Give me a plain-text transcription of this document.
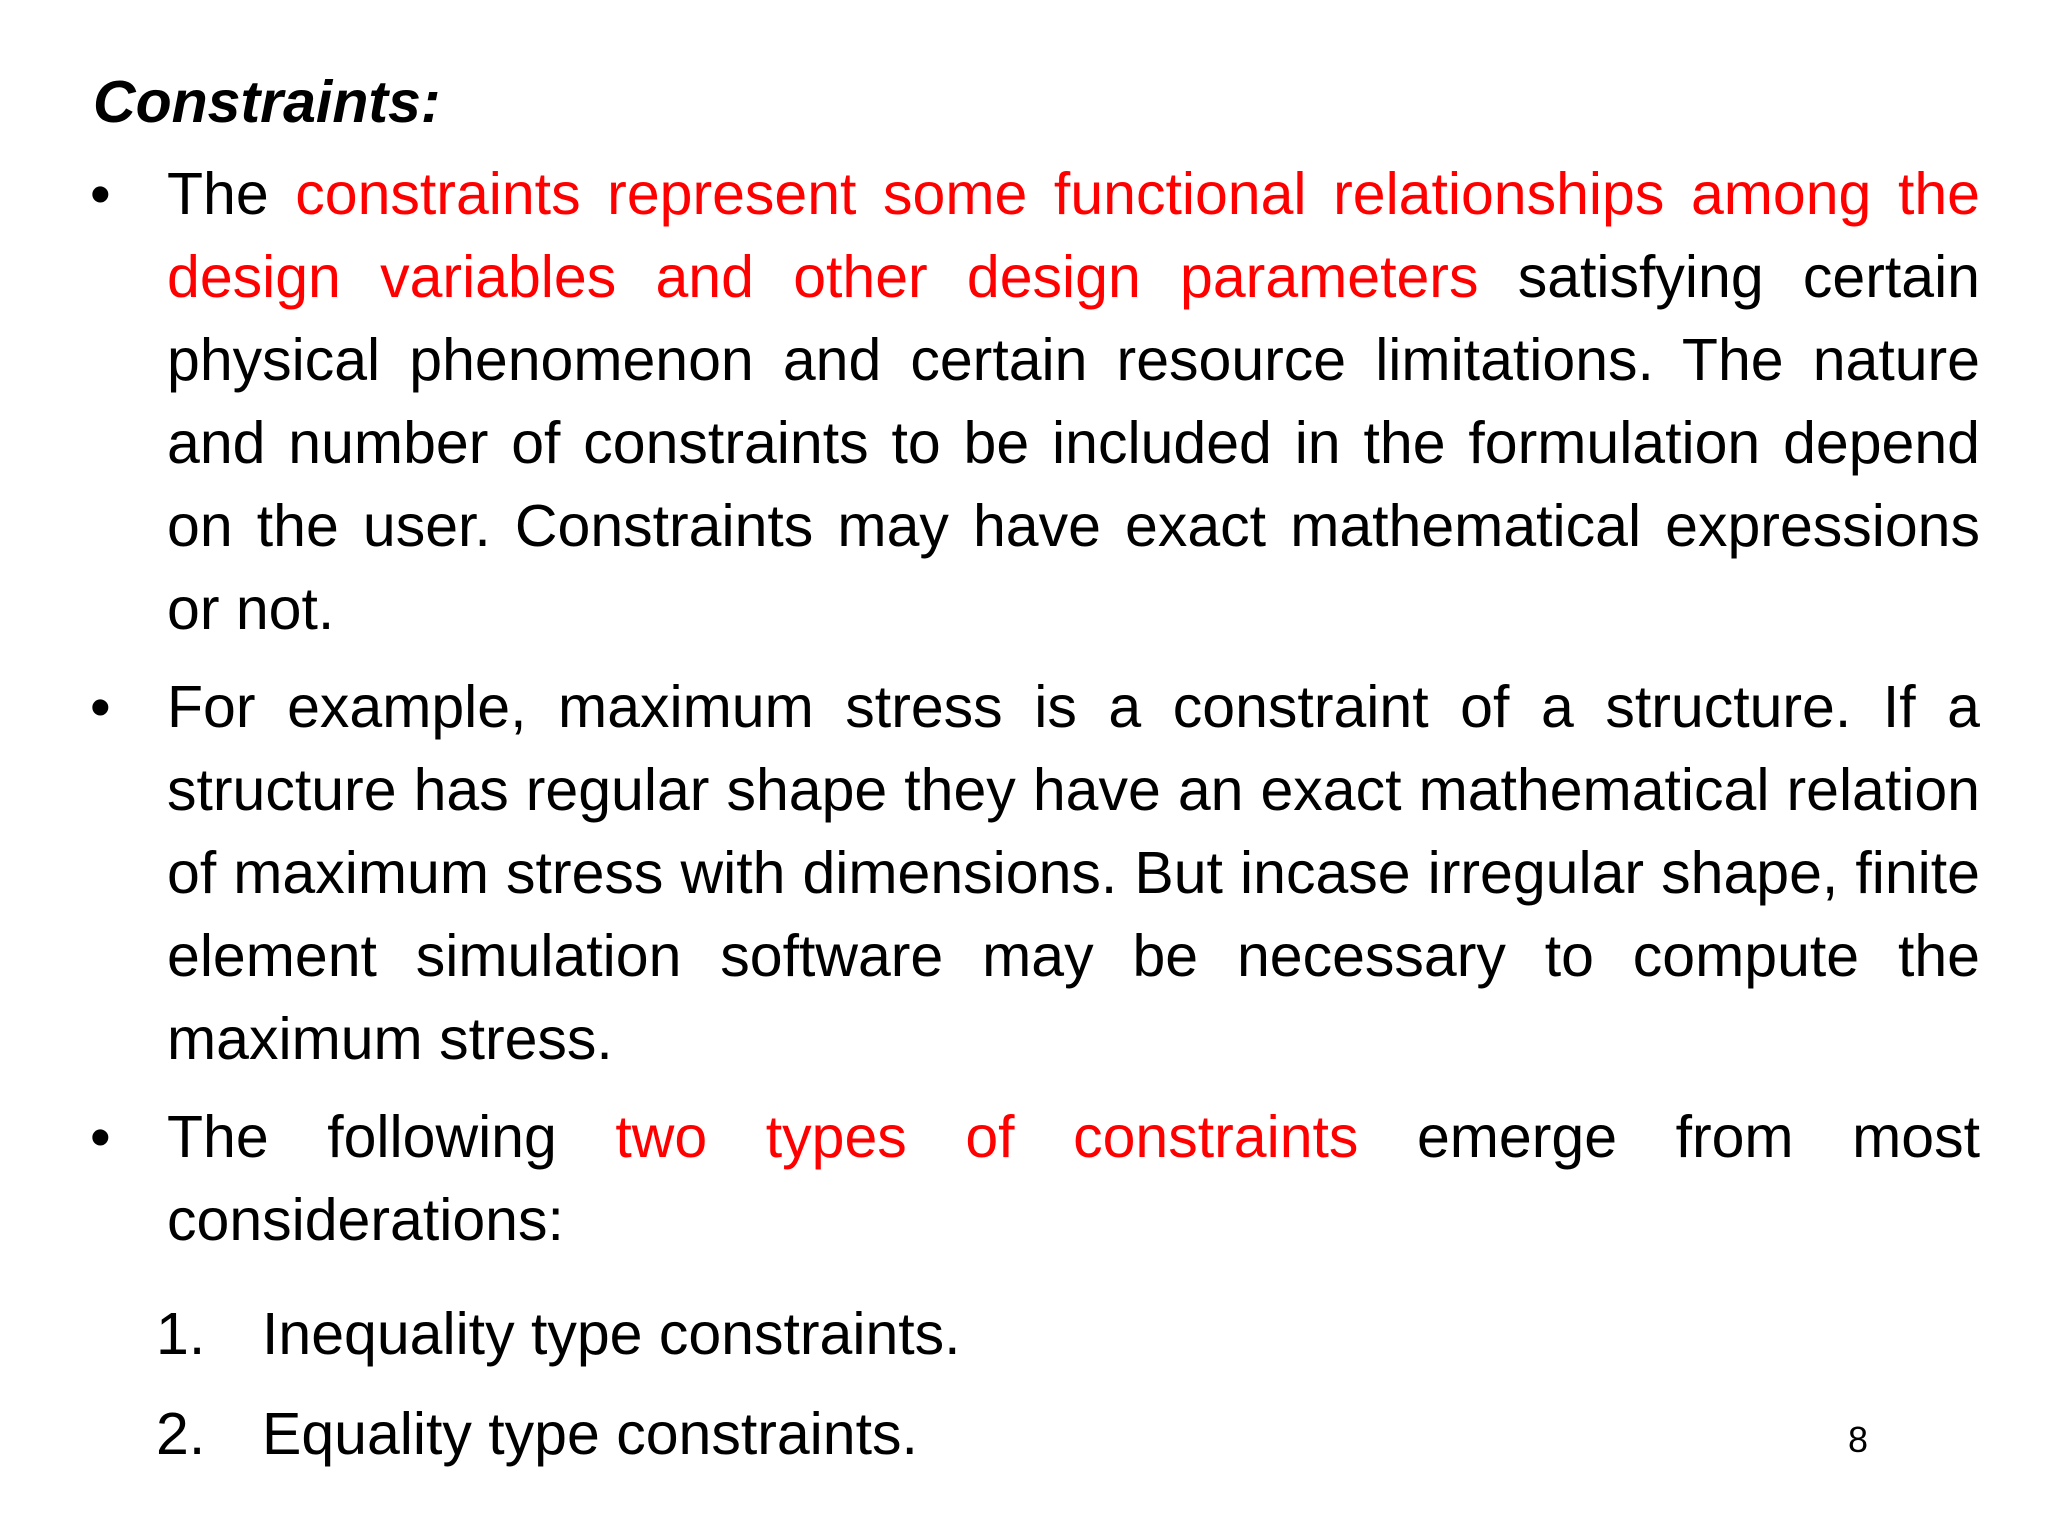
Constraints:
• The constraints represent some functional relationships among the design variables and other design parameters satisfying certain physical phenomenon and certain resource limitations. The nature and number of constraints to be included in the formulation depend on the user. Constraints may have exact mathematical expressions or not.
• For example, maximum stress is a constraint of a structure. If a structure has regular shape they have an exact mathematical relation of maximum stress with dimensions. But incase irregular shape, finite element simulation software may be necessary to compute the maximum stress.
• The following two types of constraints emerge from most considerations:
1. Inequality type constraints.
2. Equality type constraints.	8
